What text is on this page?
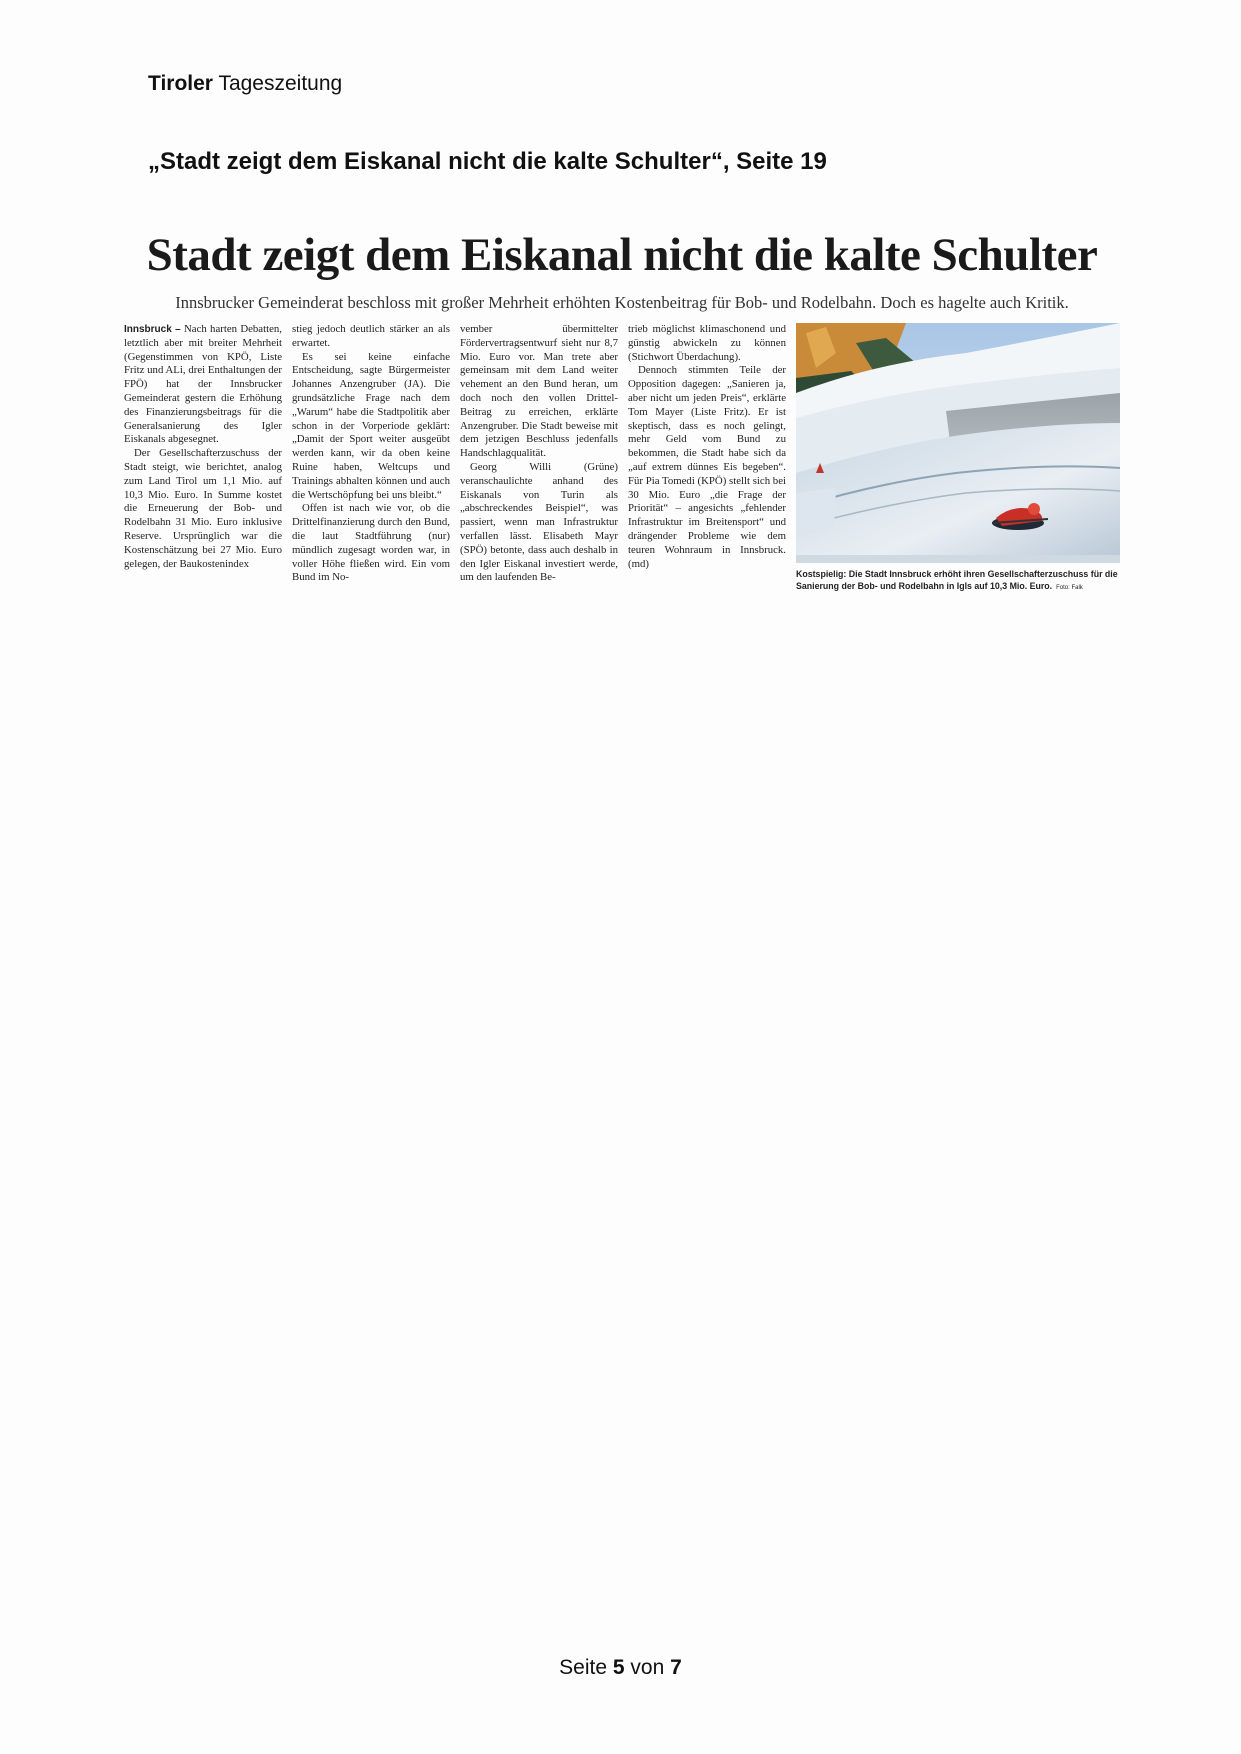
Tiroler Tageszeitung
„Stadt zeigt dem Eiskanal nicht die kalte Schulter“, Seite 19
Stadt zeigt dem Eiskanal nicht die kalte Schulter
Innsbrucker Gemeinderat beschloss mit großer Mehrheit erhöhten Kostenbeitrag für Bob- und Rodelbahn. Doch es hagelte auch Kritik.

Innsbruck – Nach harten Debatten, letztlich aber mit breiter Mehrheit (Gegenstimmen von KPÖ, Liste Fritz und ALi, drei Enthaltungen der FPÖ) hat der Innsbrucker Gemeinderat gestern die Erhöhung des Finanzierungsbeitrags für die Generalsanierung des Igler Eiskanals abgesegnet.

Der Gesellschafterzuschuss der Stadt steigt, wie berichtet, analog zum Land Tirol um 1,1 Mio. auf 10,3 Mio. Euro. In Summe kostet die Erneuerung der Bob- und Rodelbahn 31 Mio. Euro inklusive Reserve. Ursprünglich war die Kostenschätzung bei 27 Mio. Euro gelegen, der Baukostenindex

stieg jedoch deutlich stärker an als erwartet.

Es sei keine einfache Entscheidung, sagte Bürgermeister Johannes Anzengruber (JA). Die grundsätzliche Frage nach dem „Warum“ habe die Stadtpolitik aber schon in der Vorperiode geklärt: „Damit der Sport weiter ausgeübt werden kann, wir da oben keine Ruine haben, Weltcups und Trainings abhalten können und auch die Wertschöpfung bei uns bleibt.“

Offen ist nach wie vor, ob die Drittelfinanzierung durch den Bund, die laut Stadtführung (nur) mündlich zugesagt worden war, in voller Höhe fließen wird. Ein vom Bund im No-

vember übermittelter Fördervertragsentwurf sieht nur 8,7 Mio. Euro vor. Man trete aber gemeinsam mit dem Land weiter vehement an den Bund heran, um doch noch den vollen Drittel-Beitrag zu erreichen, erklärte Anzengruber. Die Stadt beweise mit dem jetzigen Beschluss jedenfalls Handschlagqualität.

Georg Willi (Grüne) veranschaulichte anhand des Eiskanals von Turin als „abschreckendes Beispiel“, was passiert, wenn man Infrastruktur verfallen lässt. Elisabeth Mayr (SPÖ) betonte, dass auch deshalb in den Igler Eiskanal investiert werde, um den laufenden Be-

trieb möglichst klimaschonend und günstig abwickeln zu können (Stichwort Überdachung).

Dennoch stimmten Teile der Opposition dagegen: „Sanieren ja, aber nicht um jeden Preis“, erklärte Tom Mayer (Liste Fritz). Er ist skeptisch, dass es noch gelingt, mehr Geld vom Bund zu bekommen, die Stadt habe sich da „auf extrem dünnes Eis begeben“. Für Pia Tomedi (KPÖ) stellt sich bei 30 Mio. Euro „die Frage der Priorität“ – angesichts „fehlender Infrastruktur im Breitensport“ und drängender Probleme wie dem teuren Wohnraum in Innsbruck. (md)

Kostspielig: Die Stadt Innsbruck erhöht ihren Gesellschafterzuschuss für die Sanierung der Bob- und Rodelbahn in Igls auf 10,3 Mio. Euro. Foto: Falk
Seite 5 von 7
